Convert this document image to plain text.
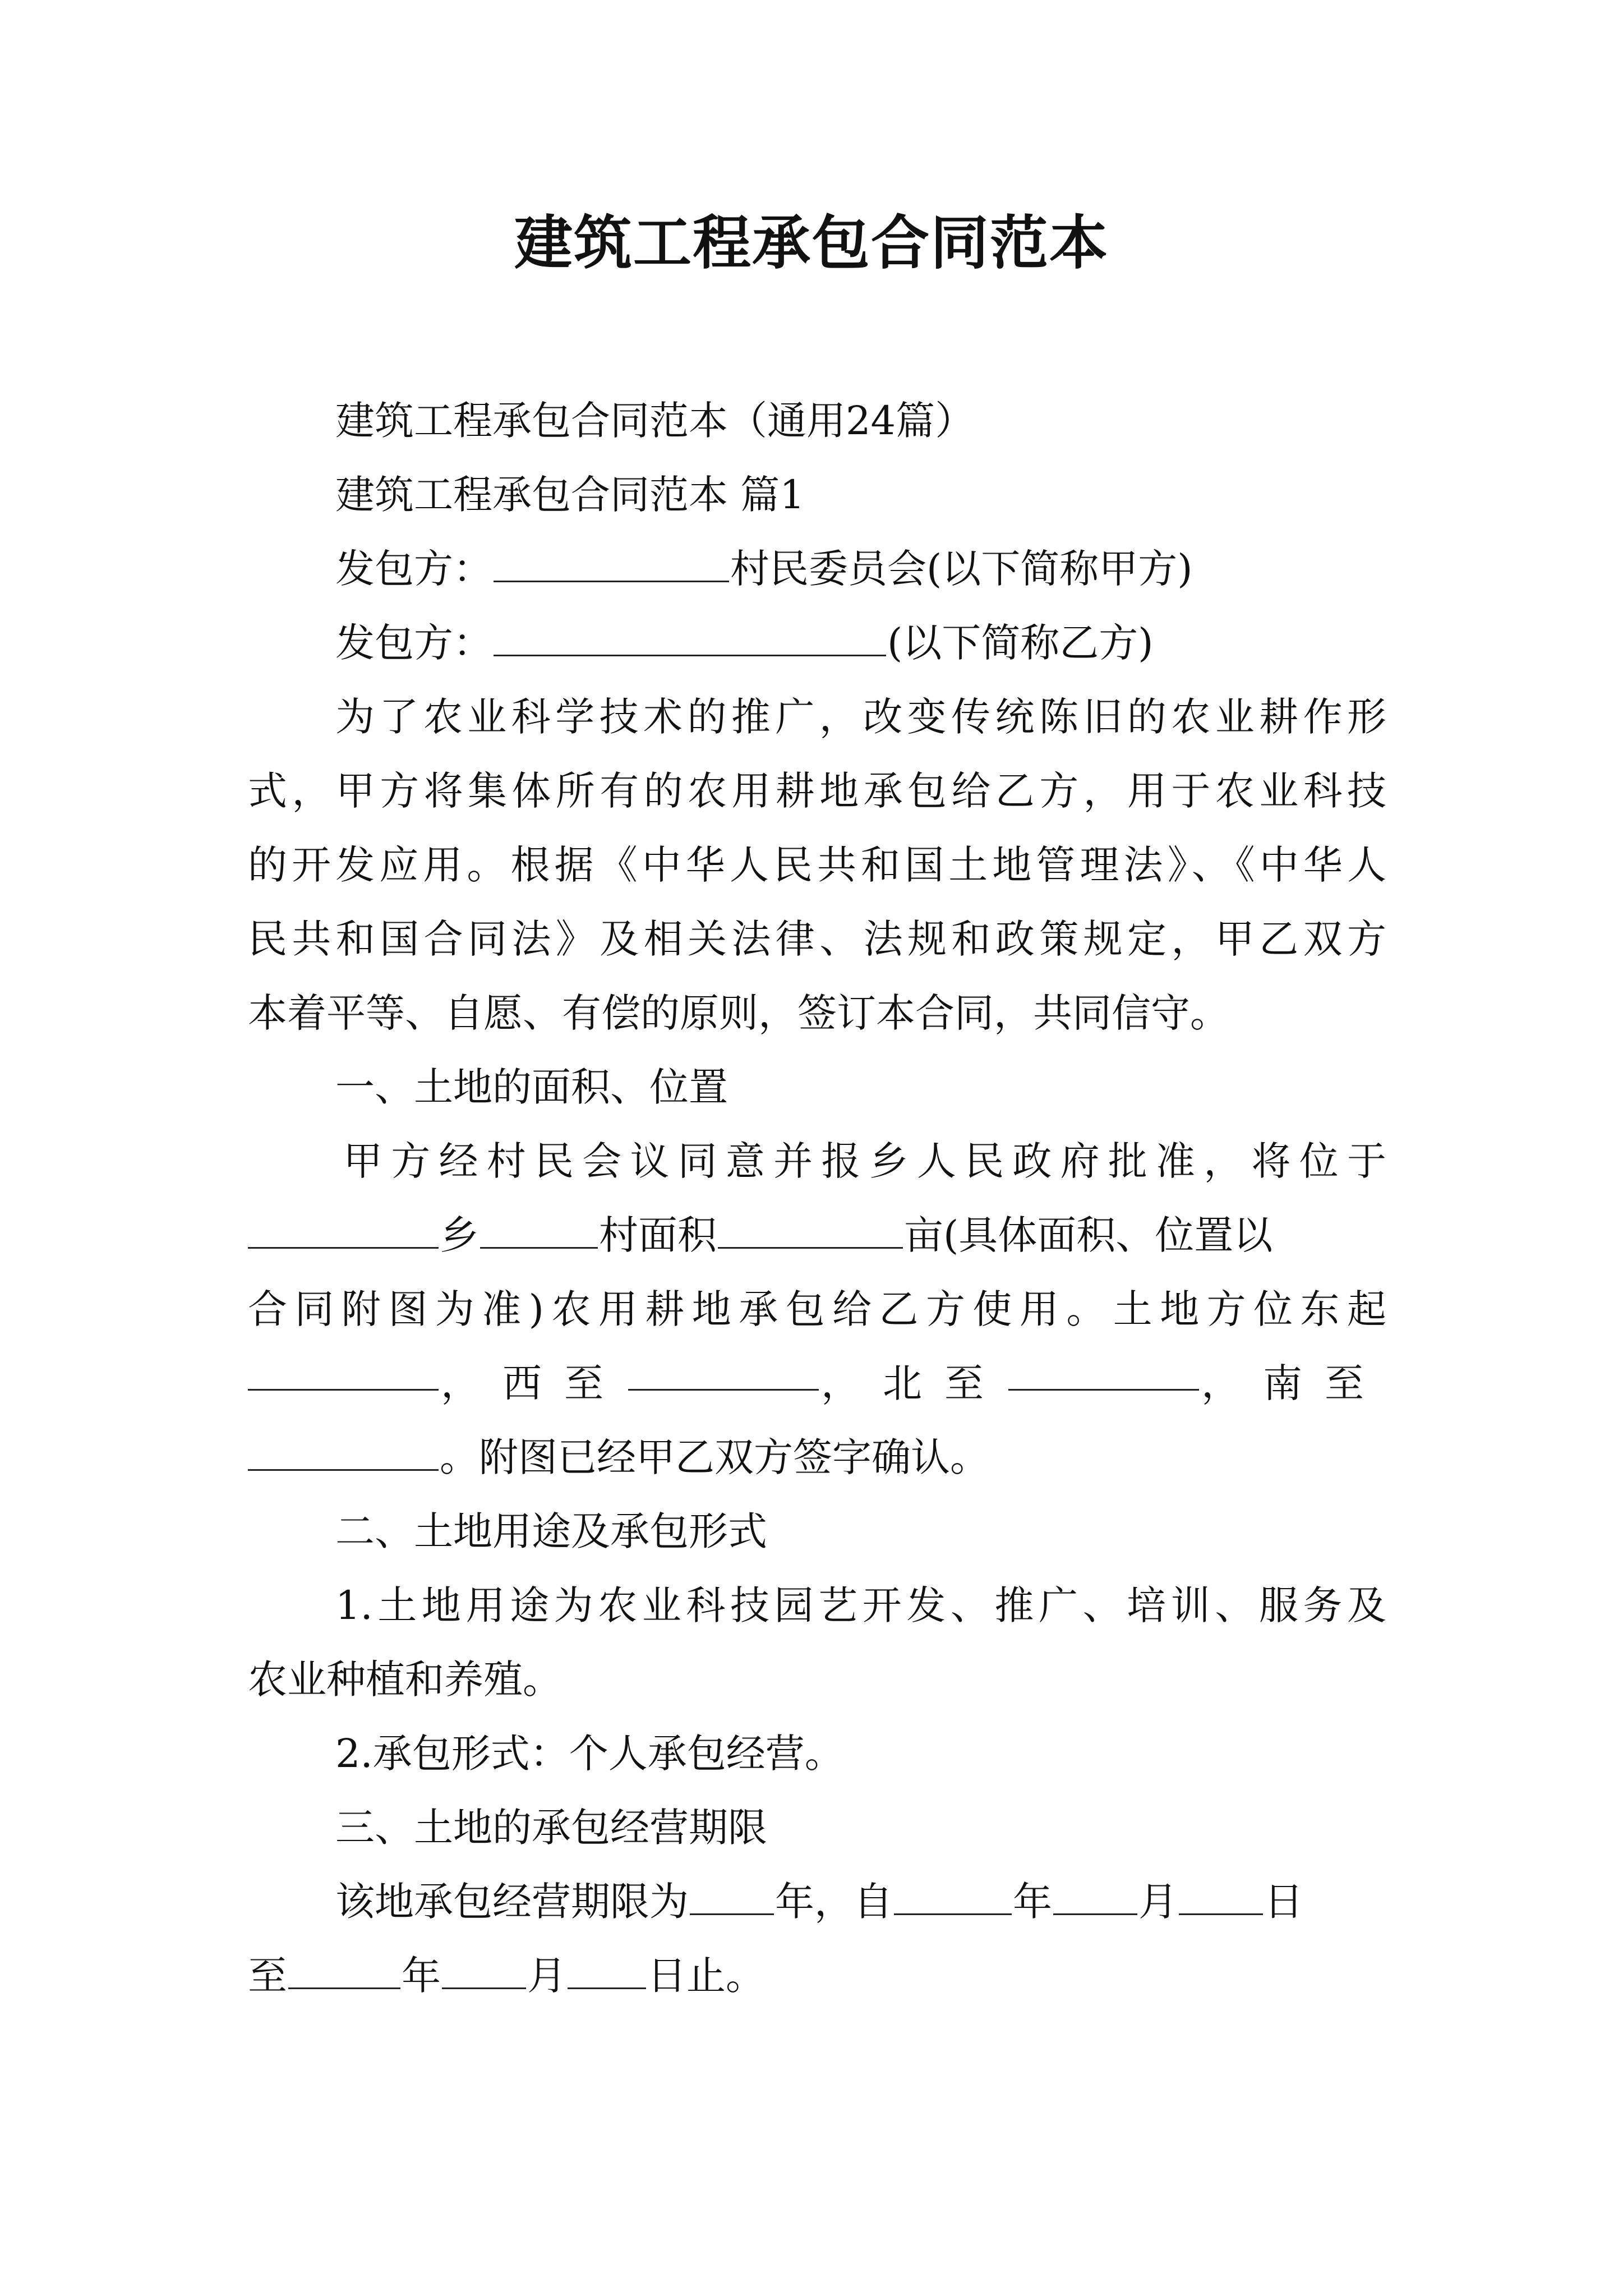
建筑工程承包合同范本
建筑工程承包合同范本（通用24篇）
建筑工程承包合同范本 篇1
发包方：	村民委员会(以下简称甲方)
发包方：	(以下简称乙方)
为了农业科学技术的推广，改变传统陈旧的农业耕作形
式，甲方将集体所有的农用耕地承包给乙方，用于农业科技
的开发应用。根据《中华人民共和国土地管理法》、《中华人
民共和国合同法》及相关法律、法规和政策规定，甲乙双方
本着平等、自愿、有偿的原则，签订本合同，共同信守。
一、土地的面积、位置
甲方经村民会议同意并报乡人民政府批准，将位于
乡	村面积	亩(具体面积、位置以
合同附图为准)农用耕地承包给乙方使用。土地方位东起
，西至	，北至	，南至
。附图已经甲乙双方签字确认。
二、土地用途及承包形式
1.土地用途为农业科技园艺开发、推广、培训、服务及
农业种植和养殖。
2.承包形式：个人承包经营。
三、土地的承包经营期限
该地承包经营期限为 年，自	年 月 日
至	年 月 日止。
